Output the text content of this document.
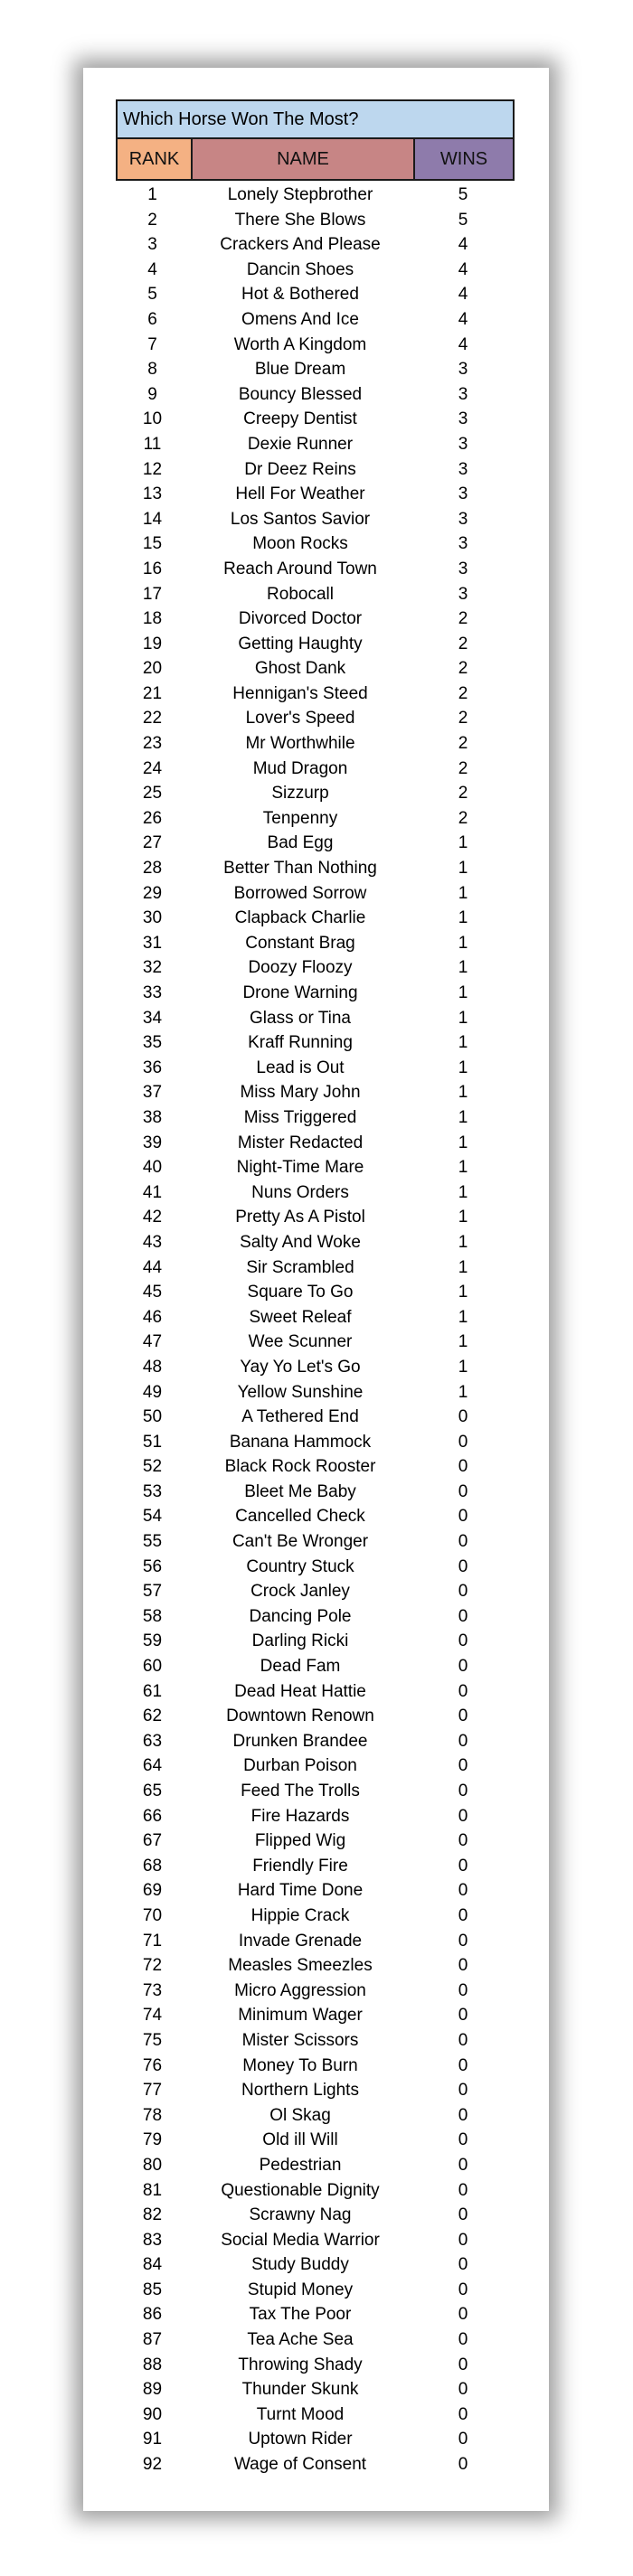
Which Horse Won The Most?
RANK	NAME	WINS
1	Lonely Stepbrother	5
2	There She Blows	5
3	Crackers And Please	4
4	Dancin Shoes	4
5	Hot & Bothered	4
6	Omens And Ice	4
7	Worth A Kingdom	4
8	Blue Dream	3
9	Bouncy Blessed	3
10	Creepy Dentist	3
11	Dexie Runner	3
12	Dr Deez Reins	3
13	Hell For Weather	3
14	Los Santos Savior	3
15	Moon Rocks	3
16	Reach Around Town	3
17	Robocall	3
18	Divorced Doctor	2
19	Getting Haughty	2
20	Ghost Dank	2
21	Hennigan's Steed	2
22	Lover's Speed	2
23	Mr Worthwhile	2
24	Mud Dragon	2
25	Sizzurp	2
26	Tenpenny	2
27	Bad Egg	1
28	Better Than Nothing	1
29	Borrowed Sorrow	1
30	Clapback Charlie	1
31	Constant Brag	1
32	Doozy Floozy	1
33	Drone Warning	1
34	Glass or Tina	1
35	Kraff Running	1
36	Lead is Out	1
37	Miss Mary John	1
38	Miss Triggered	1
39	Mister Redacted	1
40	Night-Time Mare	1
41	Nuns Orders	1
42	Pretty As A Pistol	1
43	Salty And Woke	1
44	Sir Scrambled	1
45	Square To Go	1
46	Sweet Releaf	1
47	Wee Scunner	1
48	Yay Yo Let's Go	1
49	Yellow Sunshine	1
50	A Tethered End	0
51	Banana Hammock	0
52	Black Rock Rooster	0
53	Bleet Me Baby	0
54	Cancelled Check	0
55	Can't Be Wronger	0
56	Country Stuck	0
57	Crock Janley	0
58	Dancing Pole	0
59	Darling Ricki	0
60	Dead Fam	0
61	Dead Heat Hattie	0
62	Downtown Renown	0
63	Drunken Brandee	0
64	Durban Poison	0
65	Feed The Trolls	0
66	Fire Hazards	0
67	Flipped Wig	0
68	Friendly Fire	0
69	Hard Time Done	0
70	Hippie Crack	0
71	Invade Grenade	0
72	Measles Smeezles	0
73	Micro Aggression	0
74	Minimum Wager	0
75	Mister Scissors	0
76	Money To Burn	0
77	Northern Lights	0
78	Ol Skag	0
79	Old ill Will	0
80	Pedestrian	0
81	Questionable Dignity	0
82	Scrawny Nag	0
83	Social Media Warrior	0
84	Study Buddy	0
85	Stupid Money	0
86	Tax The Poor	0
87	Tea Ache Sea	0
88	Throwing Shady	0
89	Thunder Skunk	0
90	Turnt Mood	0
91	Uptown Rider	0
92	Wage of Consent	0
